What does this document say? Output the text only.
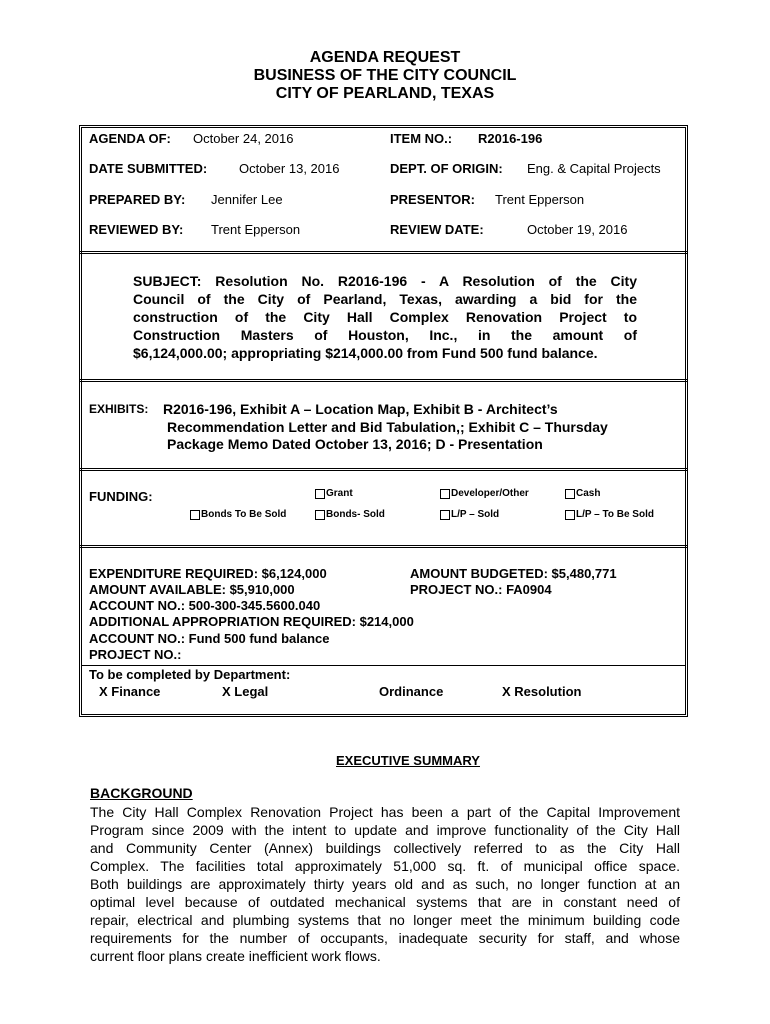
AGENDA REQUEST
BUSINESS OF THE CITY COUNCIL
CITY OF PEARLAND, TEXAS
AGENDA OF: October 24, 2016	ITEM NO.: R2016-196
DATE SUBMITTED: October 13, 2016	DEPT. OF ORIGIN: Eng. & Capital Projects
PREPARED BY: Jennifer Lee	PRESENTOR: Trent Epperson
REVIEWED BY: Trent Epperson	REVIEW DATE:	October 19, 2016
SUBJECT: Resolution No. R2016-196 - A Resolution of the City
Council of the City of Pearland, Texas, awarding a bid for the
construction of the City Hall Complex Renovation Project to
Construction Masters of Houston, Inc., in the amount of
$6,124,000.00; appropriating $214,000.00 from Fund 500 fund balance.
EXHIBITS: R2016-196, Exhibit A – Location Map, Exhibit B - Architect’s
Recommendation Letter and Bid Tabulation,; Exhibit C – Thursday
Package Memo Dated October 13, 2016; D - Presentation
FUNDING:	Grant	Developer/Other	Cash
Bonds To Be Sold	Bonds- Sold	L/P – Sold	L/P – To Be Sold
EXPENDITURE REQUIRED: $6,124,000	AMOUNT BUDGETED: $5,480,771
AMOUNT AVAILABLE: $5,910,000	PROJECT NO.: FA0904
ACCOUNT NO.: 500-300-345.5600.040
ADDITIONAL APPROPRIATION REQUIRED: $214,000
ACCOUNT NO.: Fund 500 fund balance
PROJECT NO.:
To be completed by Department:
X Finance	X Legal	Ordinance	X Resolution
EXECUTIVE SUMMARY
BACKGROUND
The City Hall Complex Renovation Project has been a part of the Capital Improvement
Program since 2009 with the intent to update and improve functionality of the City Hall
and Community Center (Annex) buildings collectively referred to as the City Hall
Complex. The facilities total approximately 51,000 sq. ft. of municipal office space.
Both buildings are approximately thirty years old and as such, no longer function at an
optimal level because of outdated mechanical systems that are in constant need of
repair, electrical and plumbing systems that no longer meet the minimum building code
requirements for the number of occupants, inadequate security for staff, and whose
current floor plans create inefficient work flows.
